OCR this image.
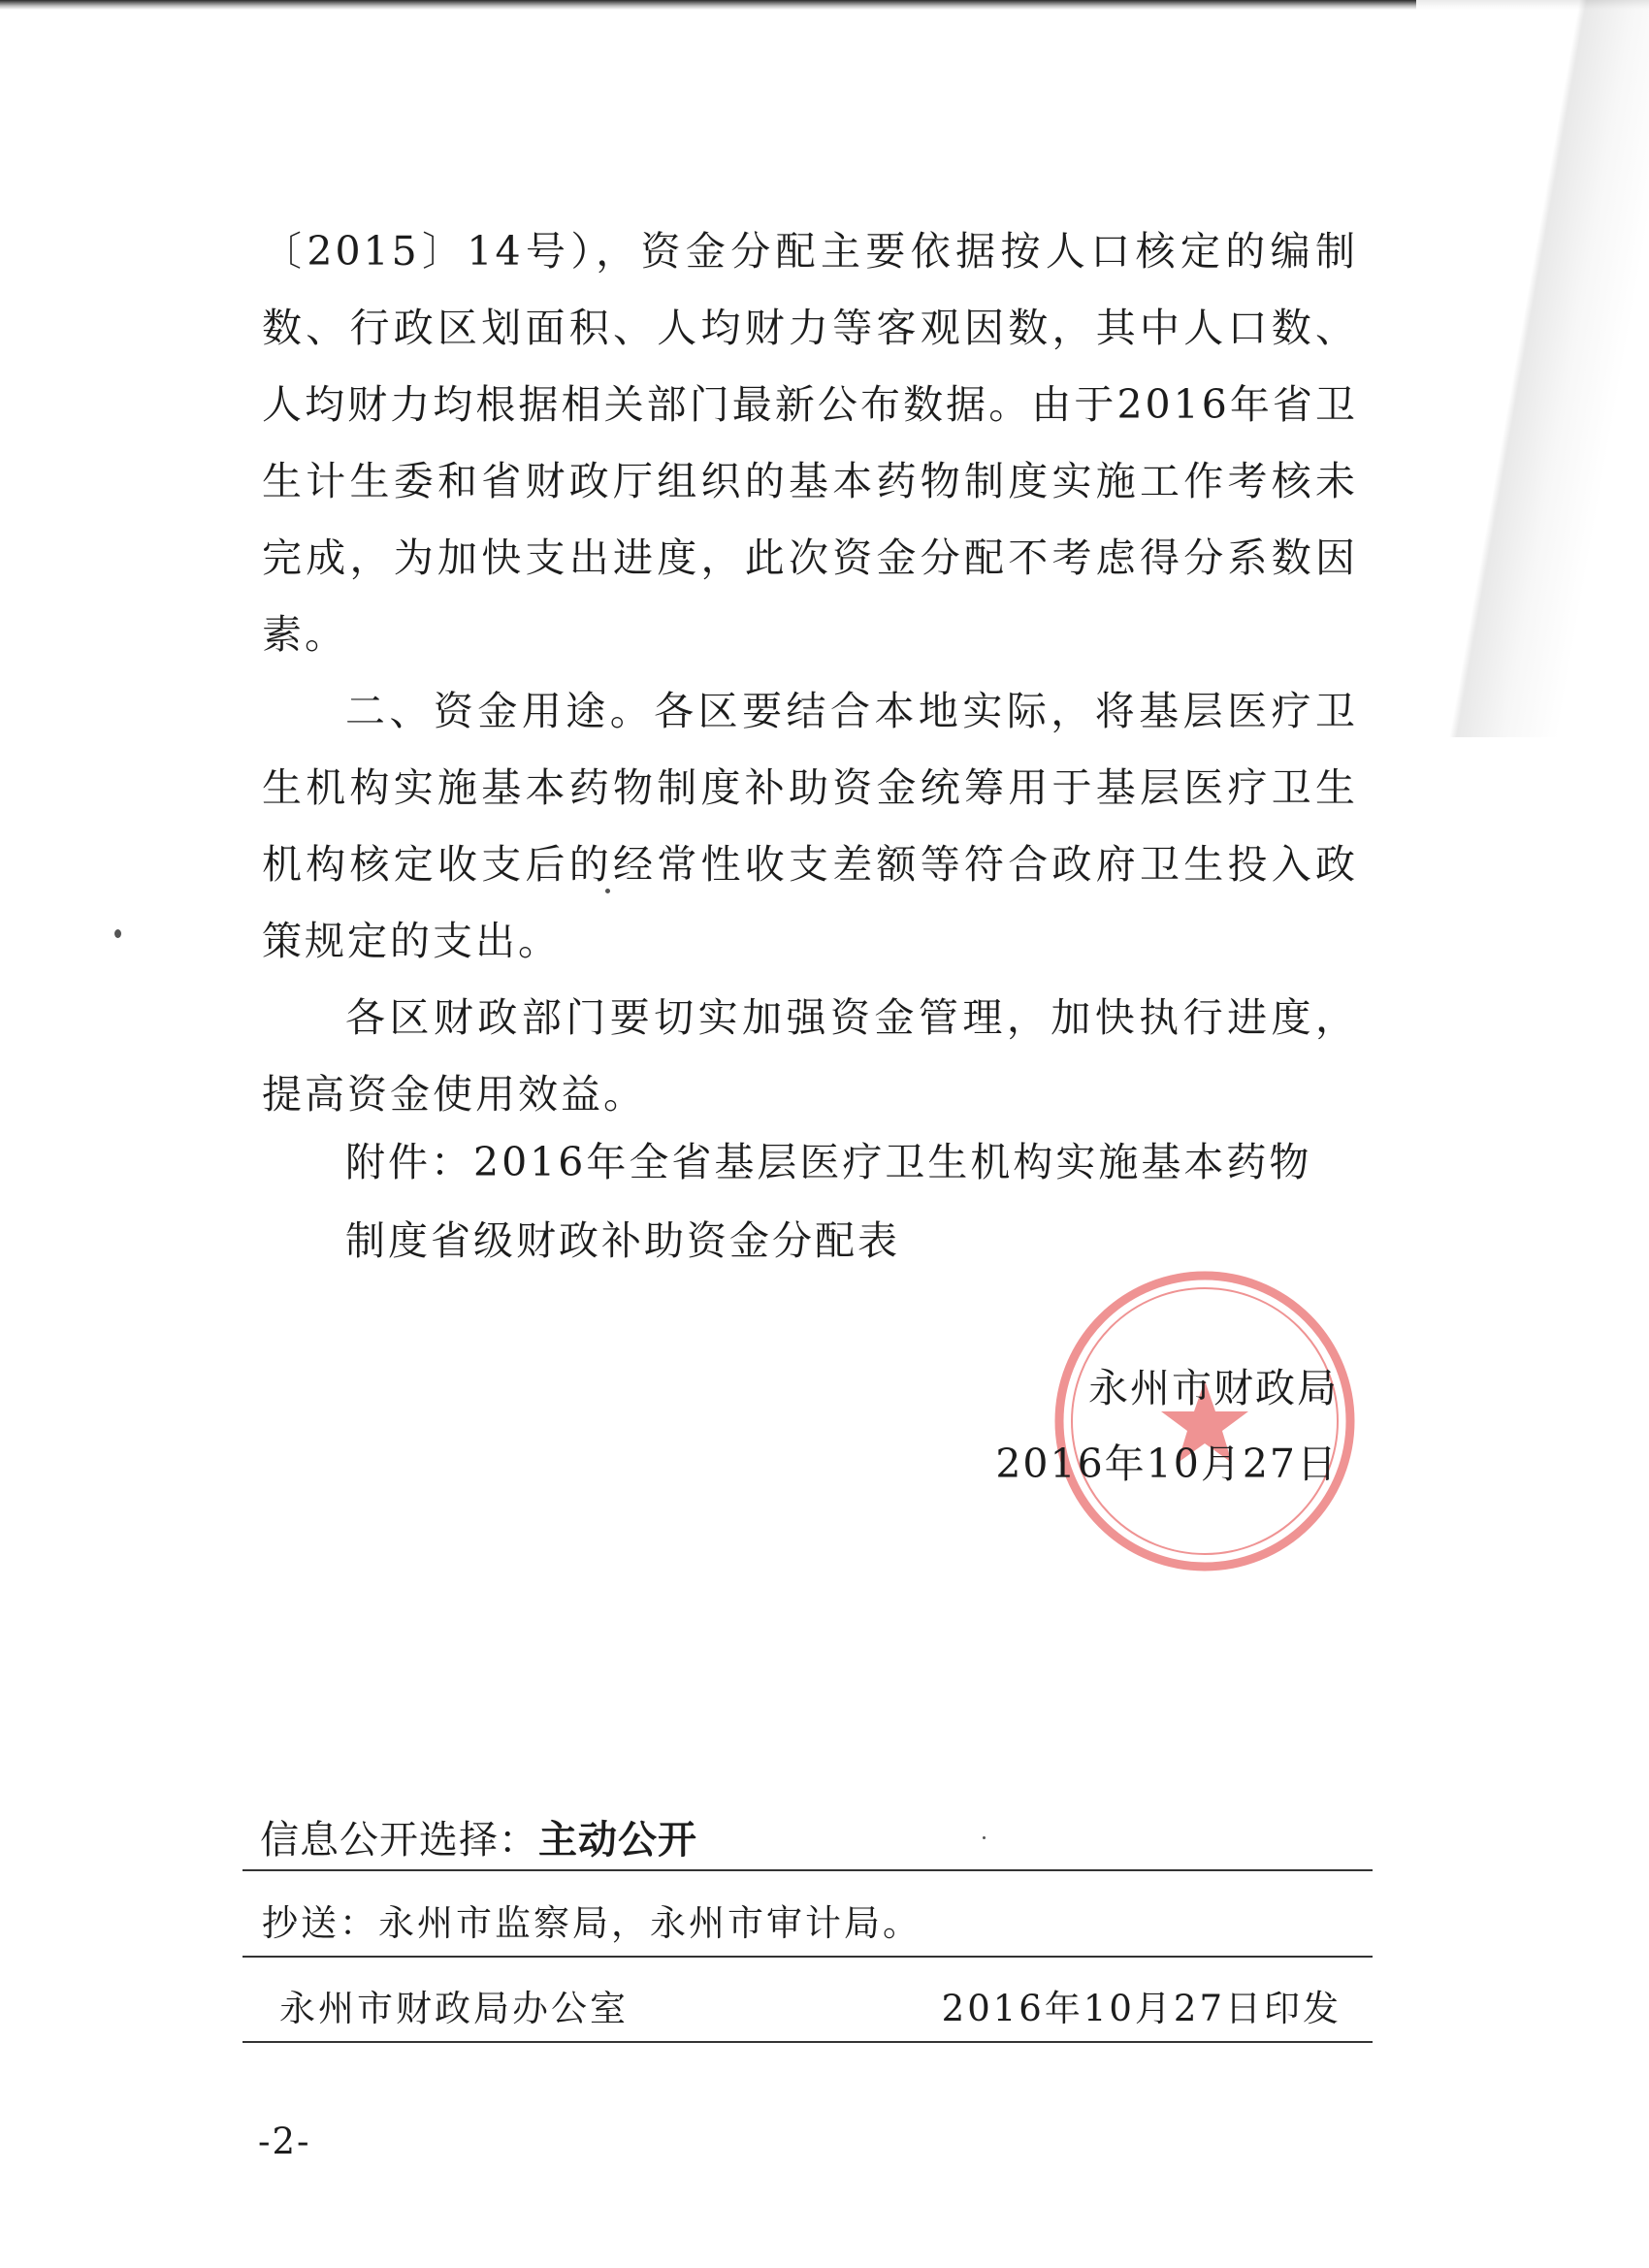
〔2015〕14号），资金分配主要依据按人口核定的编制数、行政区划面积、人均财力等客观因数，其中人口数、人均财力均根据相关部门最新公布数据。由于2016年省卫生计生委和省财政厅组织的基本药物制度实施工作考核未完成，为加快支出进度，此次资金分配不考虑得分系数因素。

二、资金用途。各区要结合本地实际，将基层医疗卫生机构实施基本药物制度补助资金统筹用于基层医疗卫生机构核定收支后的经常性收支差额等符合政府卫生投入政策规定的支出。

各区财政部门要切实加强资金管理，加快执行进度，提高资金使用效益。

附件：2016年全省基层医疗卫生机构实施基本药物制度省级财政补助资金分配表
永州市财政局
2016年10月27日
信息公开选择：主动公开
抄送：永州市监察局，永州市审计局。
永州市财政局办公室	2016年10月27日印发
-2-
